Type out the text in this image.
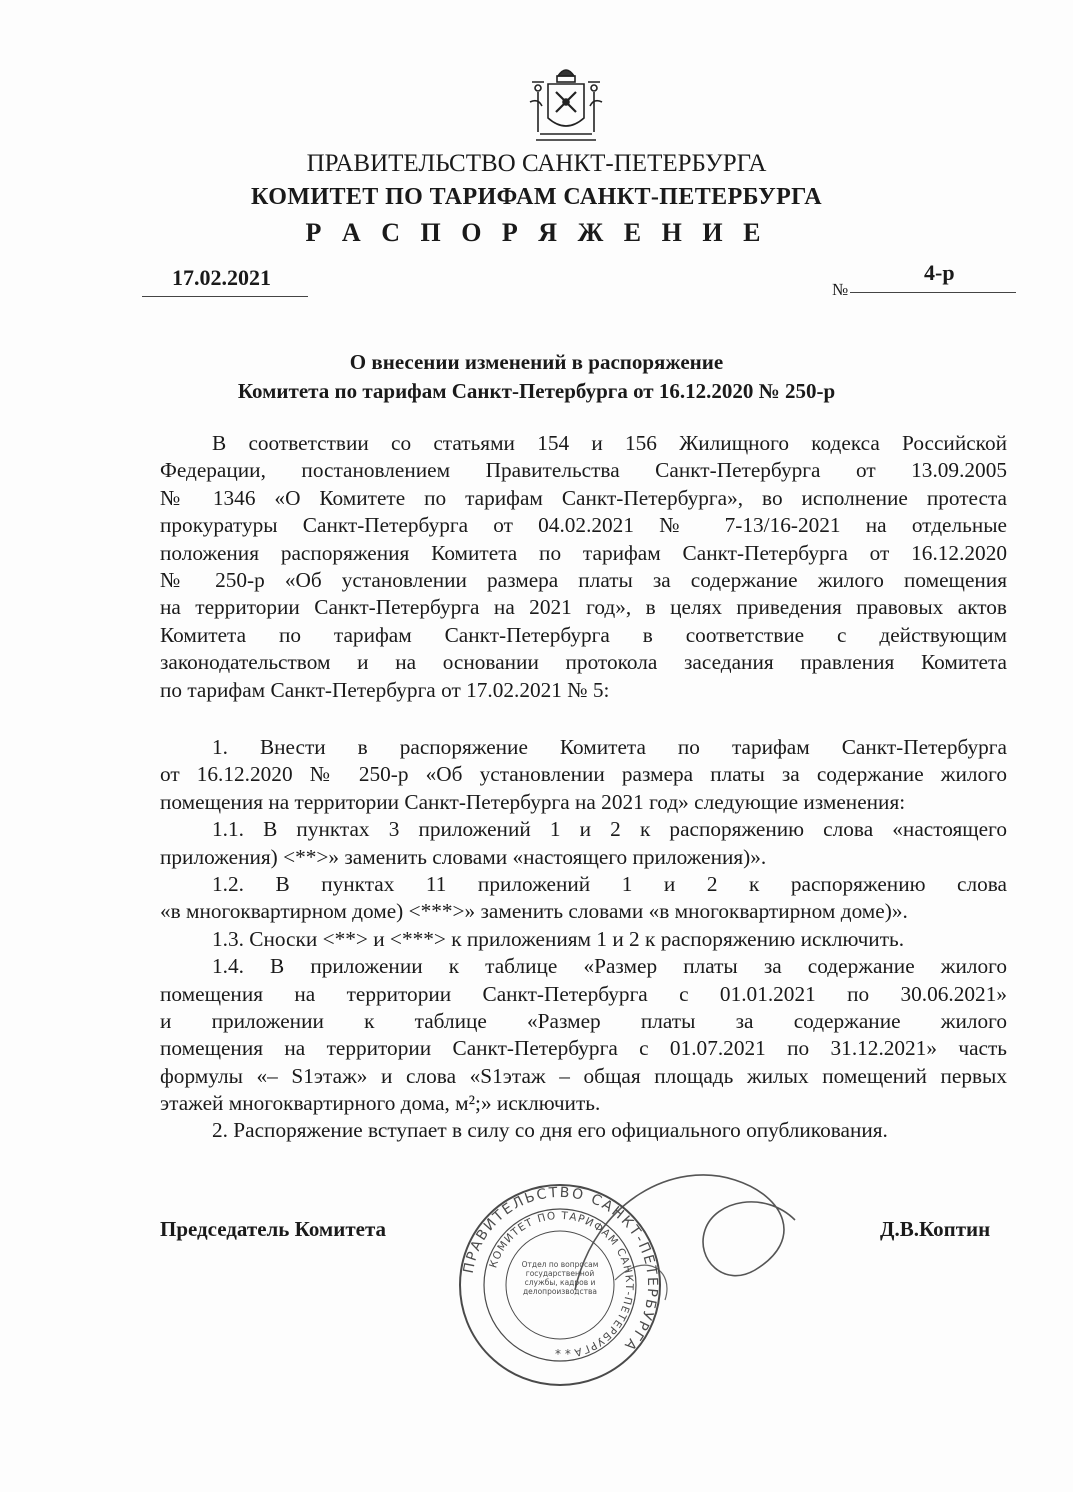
ПРАВИТЕЛЬСТВО САНКТ-ПЕТЕРБУРГА
КОМИТЕТ ПО ТАРИФАМ САНКТ-ПЕТЕРБУРГА
Р А С П О Р Я Ж Е Н И Е
17.02.2021	№
4-р
О внесении изменений в распоряжение
Комитета по тарифам Санкт-Петербурга от 16.12.2020 № 250-р
В соответствии со статьями 154 и 156 Жилищного кодекса Российской
Федерации, постановлением Правительства Санкт-Петербурга от 13.09.2005
№ 1346 «О Комитете по тарифам Санкт-Петербурга», во исполнение протеста
прокуратуры Санкт-Петербурга от 04.02.2021 № 7-13/16-2021 на отдельные
положения распоряжения Комитета по тарифам Санкт-Петербурга от 16.12.2020
№ 250-р «Об установлении размера платы за содержание жилого помещения
на территории Санкт-Петербурга на 2021 год», в целях приведения правовых актов
Комитета по тарифам Санкт-Петербурга в соответствие с действующим
законодательством и на основании протокола заседания правления Комитета
по тарифам Санкт-Петербурга от 17.02.2021 № 5:
1. Внести в распоряжение Комитета по тарифам Санкт-Петербурга
от 16.12.2020 № 250-р «Об установлении размера платы за содержание жилого
помещения на территории Санкт-Петербурга на 2021 год» следующие изменения:
1.1. В пунктах 3 приложений 1 и 2 к распоряжению слова «настоящего
приложения) <**>» заменить словами «настоящего приложения)».
1.2. В пунктах 11 приложений 1 и 2 к распоряжению слова
«в многоквартирном доме) <***>» заменить словами «в многоквартирном доме)».
1.3. Сноски <**> и <***> к приложениям 1 и 2 к распоряжению исключить.
1.4. В приложении к таблице «Размер платы за содержание жилого
помещения на территории Санкт-Петербурга с 01.01.2021 по 30.06.2021»
и приложении к таблице «Размер платы за содержание жилого
помещения на территории Санкт-Петербурга с 01.07.2021 по 31.12.2021» часть
формулы «– S1этаж» и слова «S1этаж – общая площадь жилых помещений первых
этажей многоквартирного дома, м²;» исключить.
2. Распоряжение вступает в силу со дня его официального опубликования.
Председатель Комитета	Д.В.Коптин
ПРАВИТЕЛЬСТВО САНКТ-ПЕТЕРБУРГА
КОМИТЕТ ПО ТАРИФАМ САНКТ-ПЕТЕРБУРГА
Отдел по вопросам государственной службы, кадров и делопроизводства
* *
